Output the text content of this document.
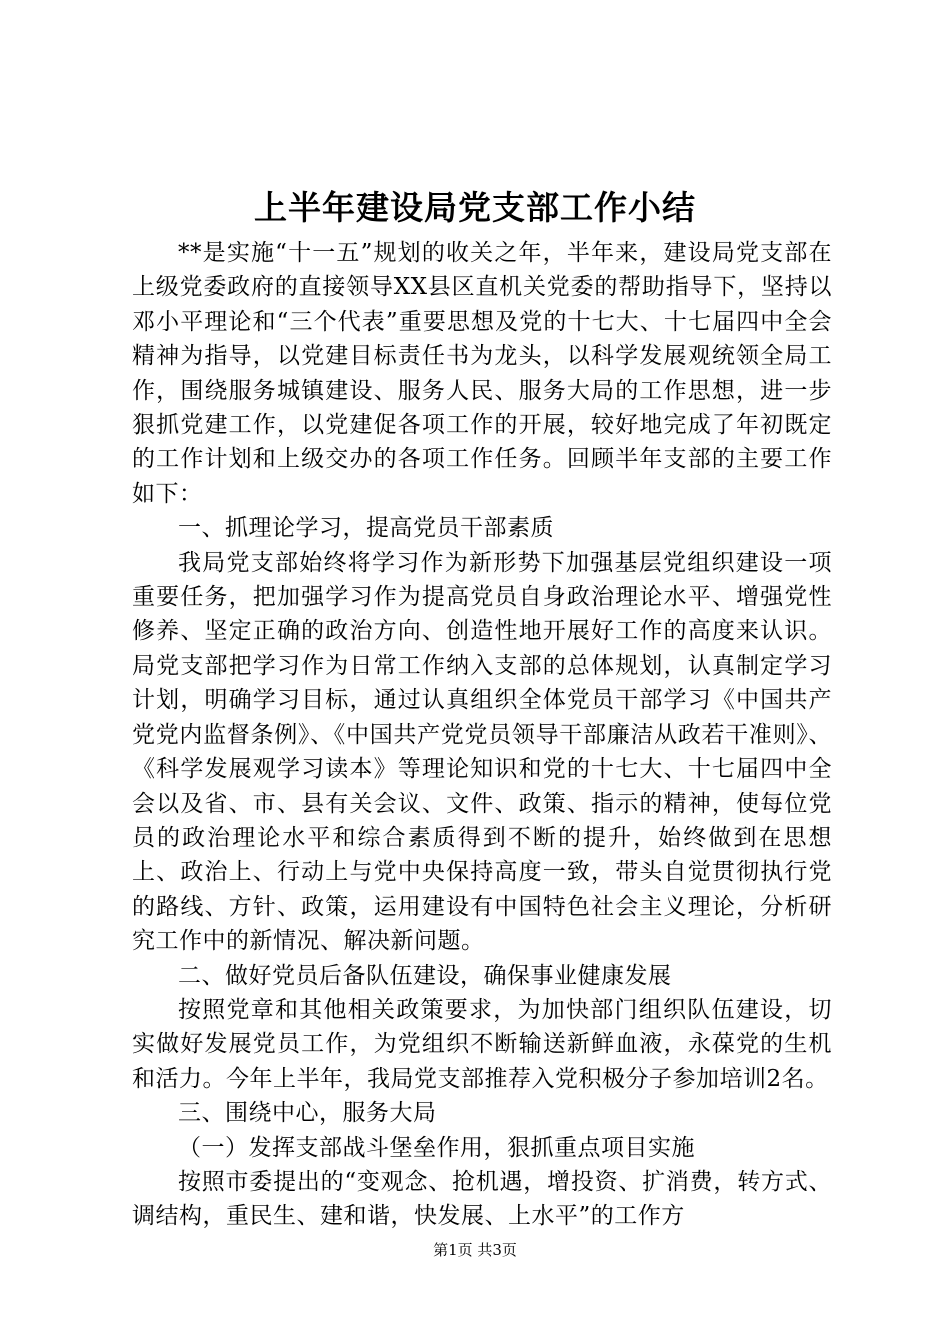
上半年建设局党支部工作小结

**是实施“十一五”规划的收关之年，半年来，建设局党支部在上级党委政府的直接领导XX县区直机关党委的帮助指导下，坚持以邓小平理论和“三个代表”重要思想及党的十七大、十七届四中全会精神为指导，以党建目标责任书为龙头，以科学发展观统领全局工作，围绕服务城镇建设、服务人民、服务大局的工作思想，进一步狠抓党建工作，以党建促各项工作的开展，较好地完成了年初既定的工作计划和上级交办的各项工作任务。回顾半年支部的主要工作如下：

一、抓理论学习，提高党员干部素质

我局党支部始终将学习作为新形势下加强基层党组织建设一项重要任务，把加强学习作为提高党员自身政治理论水平、增强党性修养、坚定正确的政治方向、创造性地开展好工作的高度来认识。局党支部把学习作为日常工作纳入支部的总体规划，认真制定学习计划，明确学习目标，通过认真组织全体党员干部学习《中国共产党党内监督条例》、《中国共产党党员领导干部廉洁从政若干准则》、《科学发展观学习读本》等理论知识和党的十七大、十七届四中全会以及省、市、县有关会议、文件、政策、指示的精神，使每位党员的政治理论水平和综合素质得到不断的提升，始终做到在思想上、政治上、行动上与党中央保持高度一致，带头自觉贯彻执行党的路线、方针、政策，运用建设有中国特色社会主义理论，分析研究工作中的新情况、解决新问题。

二、做好党员后备队伍建设，确保事业健康发展

按照党章和其他相关政策要求，为加快部门组织队伍建设，切实做好发展党员工作，为党组织不断输送新鲜血液，永葆党的生机和活力。今年上半年，我局党支部推荐入党积极分子参加培训2名。

三、围绕中心，服务大局

（一）发挥支部战斗堡垒作用，狠抓重点项目实施

按照市委提出的“变观念、抢机遇，增投资、扩消费，转方式、调结构，重民生、建和谐，快发展、上水平”的工作方

第1页 共3页
